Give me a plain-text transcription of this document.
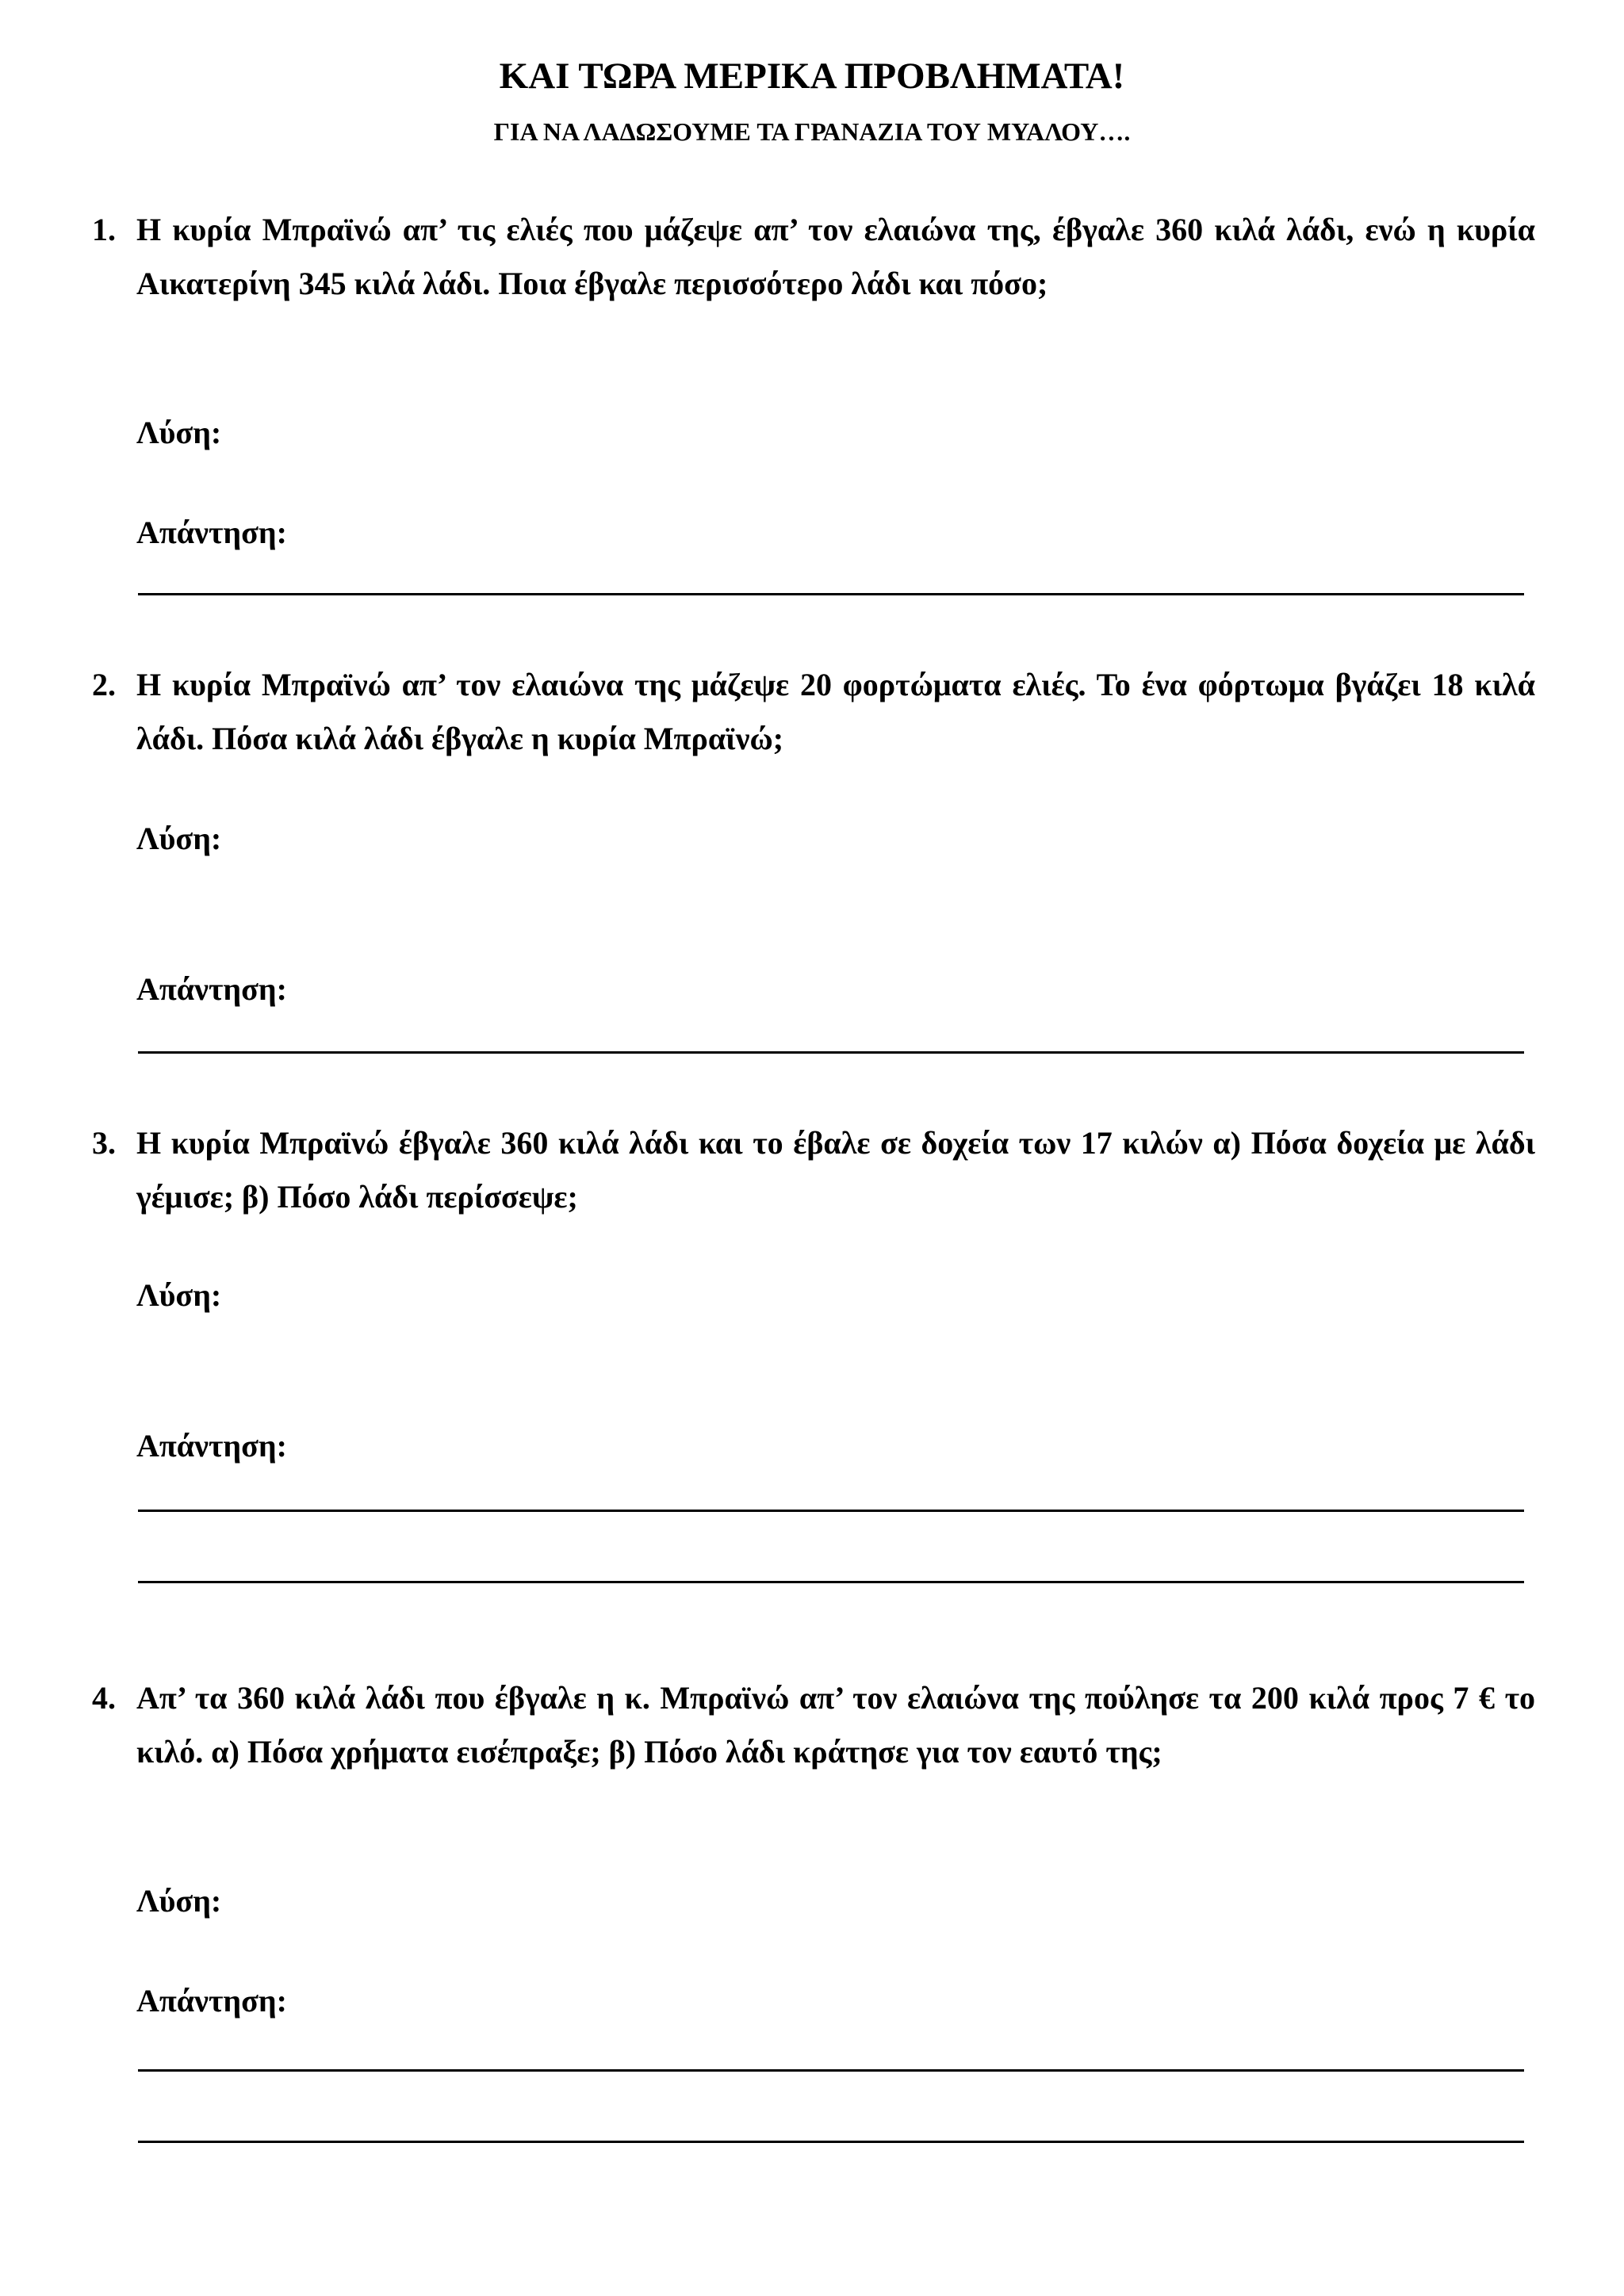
ΚΑΙ ΤΩΡΑ ΜΕΡΙΚΑ ΠΡΟΒΛΗΜΑΤΑ!
ΓΙΑ ΝΑ ΛΑΔΩΣΟΥΜΕ ΤΑ ΓΡΑΝΑΖΙΑ ΤΟΥ ΜΥΑΛΟΥ….
1. Η κυρία Μπραϊνώ απ’ τις ελιές που μάζεψε απ’ τον ελαιώνα της, έβγαλε 360 κιλά λάδι, ενώ η κυρία Αικατερίνη 345 κιλά λάδι. Ποια έβγαλε περισσότερο λάδι και πόσο;

Λύση:

Απάντηση:

2. Η κυρία Μπραϊνώ απ’ τον ελαιώνα της μάζεψε 20 φορτώματα ελιές. Το ένα φόρτωμα βγάζει 18 κιλά λάδι. Πόσα κιλά λάδι έβγαλε η κυρία Μπραϊνώ;

Λύση:

Απάντηση:

3. Η κυρία Μπραϊνώ έβγαλε 360 κιλά λάδι και το έβαλε σε δοχεία των 17 κιλών α) Πόσα δοχεία με λάδι γέμισε; β) Πόσο λάδι περίσσεψε;

Λύση:

Απάντηση:

4. Απ’ τα 360 κιλά λάδι που έβγαλε η κ. Μπραϊνώ απ’ τον ελαιώνα της πούλησε τα 200 κιλά προς 7 € το κιλό. α) Πόσα χρήματα εισέπραξε; β) Πόσο λάδι κράτησε για τον εαυτό της;

Λύση:

Απάντηση:
